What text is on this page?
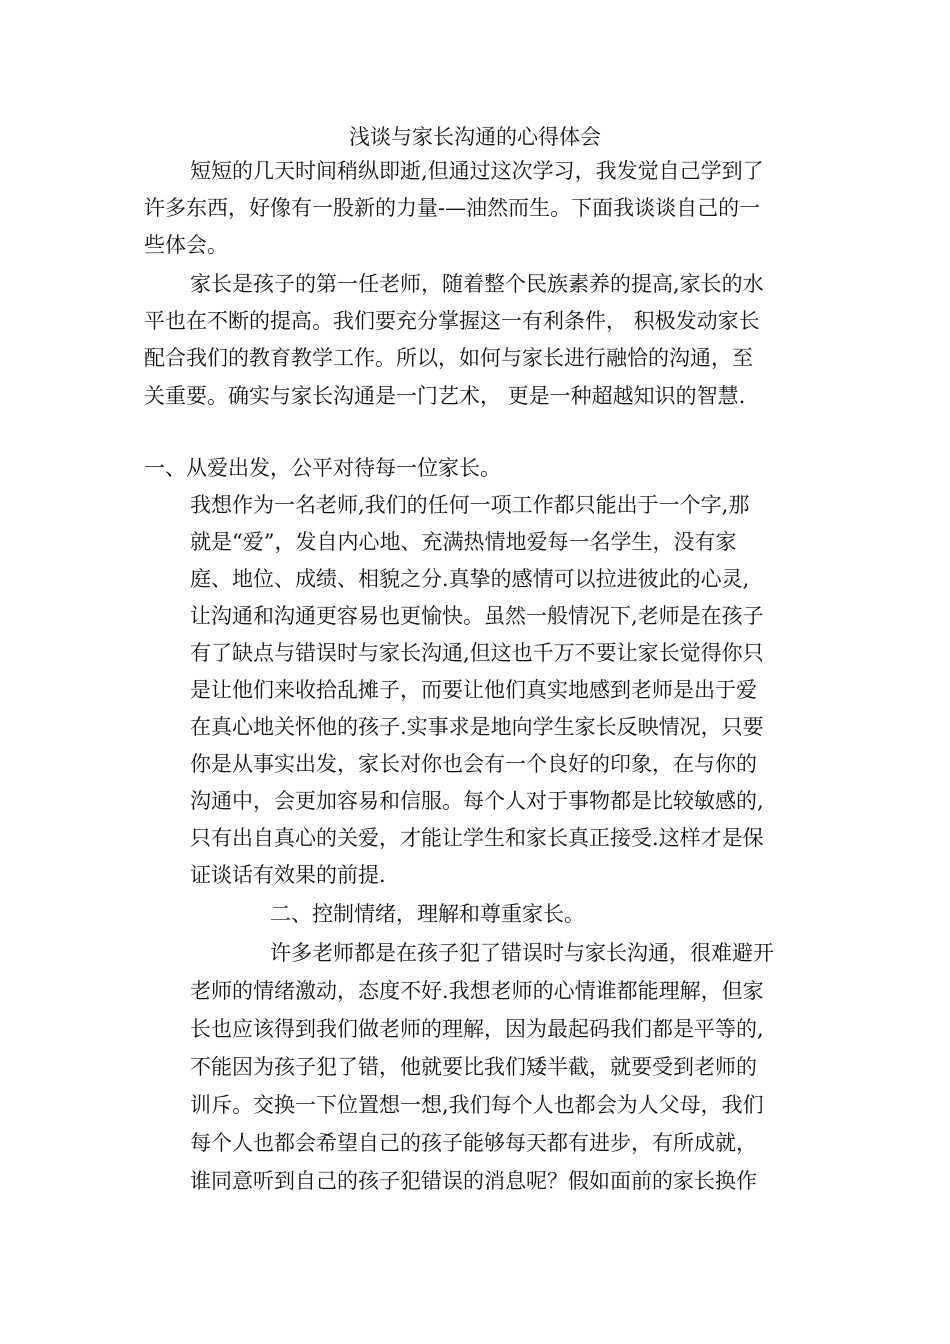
浅谈与家长沟通的心得体会

短短的几天时间稍纵即逝,但通过这次学习，我发觉自己学到了

许多东西，好像有一股新的力量-—油然而生。下面我谈谈自己的一

些体会。

家长是孩子的第一任老师，随着整个民族素养的提高,家长的水

平也在不断的提高。我们要充分掌握这一有利条件， 积极发动家长

配合我们的教育教学工作。所以，如何与家长进行融恰的沟通，至

关重要。确实与家长沟通是一门艺术， 更是一种超越知识的智慧.

一、从爱出发，公平对待每一位家长。

我想作为一名老师,我们的任何一项工作都只能出于一个字,那

就是“爱”，发自内心地、充满热情地爱每一名学生，没有家

庭、地位、成绩、相貌之分.真挚的感情可以拉进彼此的心灵,

让沟通和沟通更容易也更愉快。虽然一般情况下,老师是在孩子

有了缺点与错误时与家长沟通,但这也千万不要让家长觉得你只

是让他们来收拾乱摊子，而要让他们真实地感到老师是出于爱

在真心地关怀他的孩子.实事求是地向学生家长反映情况，只要

你是从事实出发，家长对你也会有一个良好的印象，在与你的

沟通中，会更加容易和信服。每个人对于事物都是比较敏感的,

只有出自真心的关爱，才能让学生和家长真正接受.这样才是保

证谈话有效果的前提.

二、控制情绪，理解和尊重家长。

许多老师都是在孩子犯了错误时与家长沟通，很难避开

老师的情绪激动，态度不好.我想老师的心情谁都能理解，但家

长也应该得到我们做老师的理解，因为最起码我们都是平等的,

不能因为孩子犯了错，他就要比我们矮半截，就要受到老师的

训斥。交换一下位置想一想,我们每个人也都会为人父母，我们

每个人也都会希望自己的孩子能够每天都有进步，有所成就，

谁同意听到自己的孩子犯错误的消息呢？假如面前的家长换作
